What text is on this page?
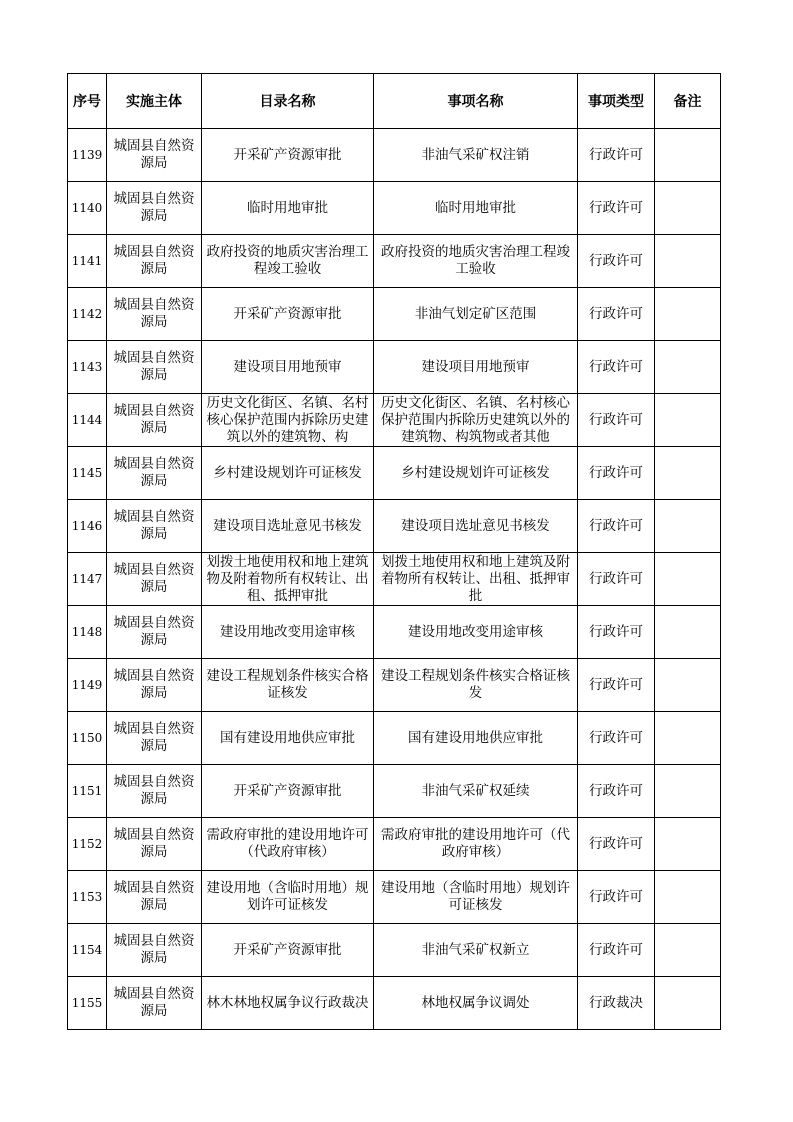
序号	实施主体	目录名称	事项名称	事项类型	备注

1139	城固县自然资源局	开采矿产资源审批	非油气采矿权注销	行政许可	

1140	城固县自然资源局	临时用地审批	临时用地审批	行政许可	

1141	城固县自然资源局	政府投资的地质灾害治理工程竣工验收	政府投资的地质灾害治理工程竣工验收	行政许可	

1142	城固县自然资源局	开采矿产资源审批	非油气划定矿区范围	行政许可	

1143	城固县自然资源局	建设项目用地预审	建设项目用地预审	行政许可	

1144	城固县自然资源局	历史文化街区、名镇、名村核心保护范围内拆除历史建筑以外的建筑物、构	历史文化街区、名镇、名村核心保护范围内拆除历史建筑以外的建筑物、构筑物或者其他	行政许可	

1145	城固县自然资源局	乡村建设规划许可证核发	乡村建设规划许可证核发	行政许可	

1146	城固县自然资源局	建设项目选址意见书核发	建设项目选址意见书核发	行政许可	

1147	城固县自然资源局	划拨土地使用权和地上建筑物及附着物所有权转让、出租、抵押审批	划拨土地使用权和地上建筑及附着物所有权转让、出租、抵押审批	行政许可	

1148	城固县自然资源局	建设用地改变用途审核	建设用地改变用途审核	行政许可	

1149	城固县自然资源局	建设工程规划条件核实合格证核发	建设工程规划条件核实合格证核发	行政许可	

1150	城固县自然资源局	国有建设用地供应审批	国有建设用地供应审批	行政许可	

1151	城固县自然资源局	开采矿产资源审批	非油气采矿权延续	行政许可	

1152	城固县自然资源局	需政府审批的建设用地许可（代政府审核）	需政府审批的建设用地许可（代政府审核）	行政许可	

1153	城固县自然资源局	建设用地（含临时用地）规划许可证核发	建设用地（含临时用地）规划许可证核发	行政许可	

1154	城固县自然资源局	开采矿产资源审批	非油气采矿权新立	行政许可	

1155	城固县自然资源局	林木林地权属争议行政裁决	林地权属争议调处	行政裁决	
